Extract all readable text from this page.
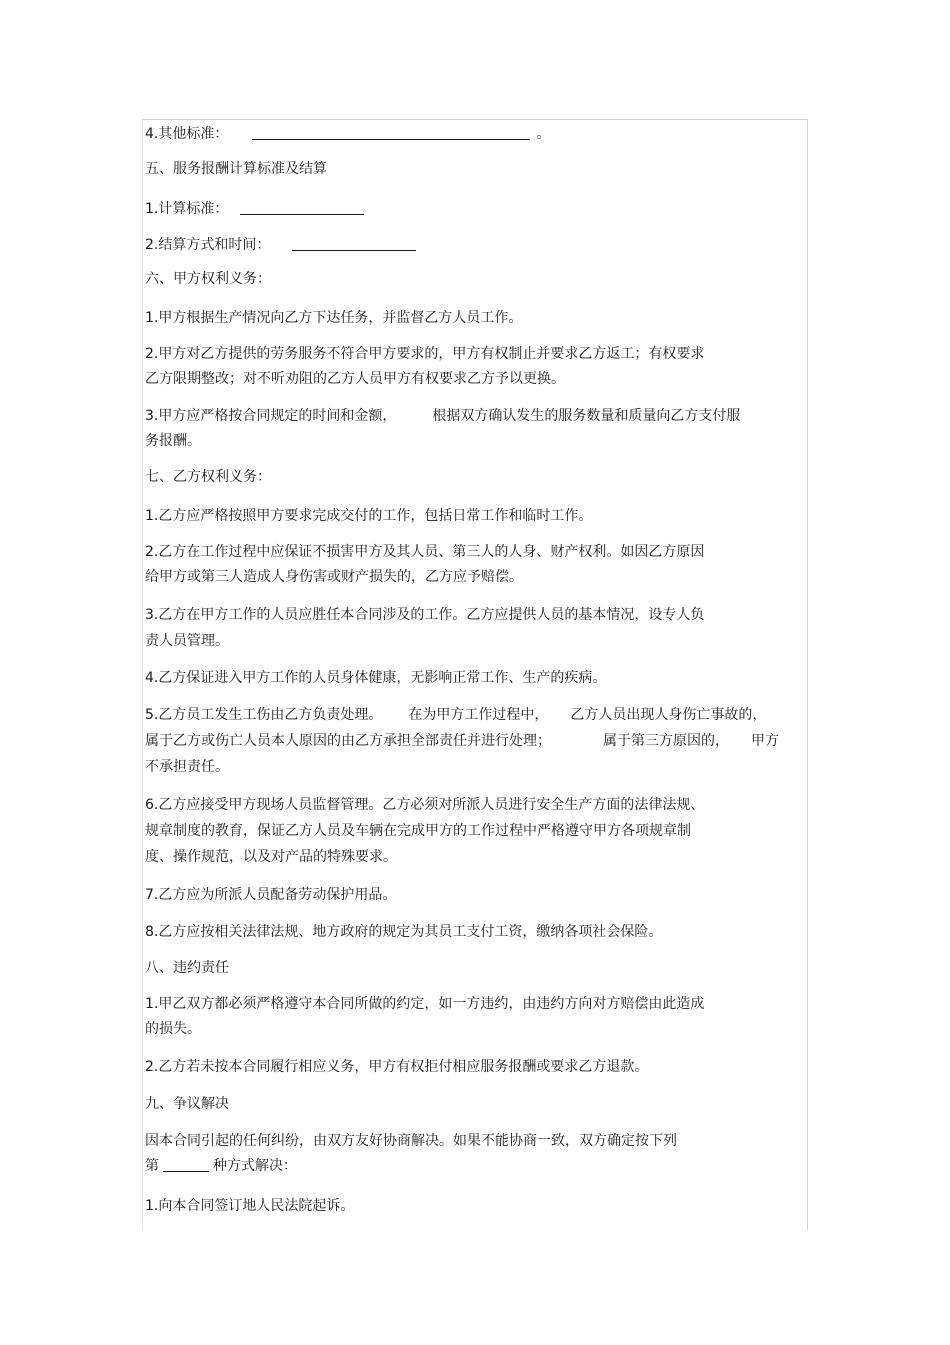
4.其他标准：	。
五、服务报酬计算标准及结算
1.计算标准：
2.结算方式和时间：
六、甲方权利义务：
1.甲方根据生产情况向乙方下达任务，并监督乙方人员工作。
2.甲方对乙方提供的劳务服务不符合甲方要求的，甲方有权制止并要求乙方返工；有权要求
乙方限期整改；对不听劝阻的乙方人员甲方有权要求乙方予以更换。
3.甲方应严格按合同规定的时间和金额，	根据双方确认发生的服务数量和质量向乙方支付服
务报酬。
七、乙方权利义务：
1.乙方应严格按照甲方要求完成交付的工作，包括日常工作和临时工作。
2.乙方在工作过程中应保证不损害甲方及其人员、第三人的人身、财产权利。如因乙方原因
给甲方或第三人造成人身伤害或财产损失的，乙方应予赔偿。
3.乙方在甲方工作的人员应胜任本合同涉及的工作。乙方应提供人员的基本情况，设专人负
责人员管理。
4.乙方保证进入甲方工作的人员身体健康，无影响正常工作、生产的疾病。
5.乙方员工发生工伤由乙方负责处理。 在为甲方工作过程中， 乙方人员出现人身伤亡事故的，
属于乙方或伤亡人员本人原因的由乙方承担全部责任并进行处理；	属于第三方原因的， 甲方
不承担责任。
6.乙方应接受甲方现场人员监督管理。乙方必须对所派人员进行安全生产方面的法律法规、
规章制度的教育，保证乙方人员及车辆在完成甲方的工作过程中严格遵守甲方各项规章制
度、操作规范，以及对产品的特殊要求。
7.乙方应为所派人员配备劳动保护用品。
8.乙方应按相关法律法规、地方政府的规定为其员工支付工资，缴纳各项社会保险。
八、违约责任
1.甲乙双方都必须严格遵守本合同所做的约定，如一方违约，由违约方向对方赔偿由此造成
的损失。
2.乙方若未按本合同履行相应义务，甲方有权拒付相应服务报酬或要求乙方退款。
九、争议解决
因本合同引起的任何纠纷，由双方友好协商解决。如果不能协商一致，双方确定按下列
第	种方式解决：
1.向本合同签订地人民法院起诉。
